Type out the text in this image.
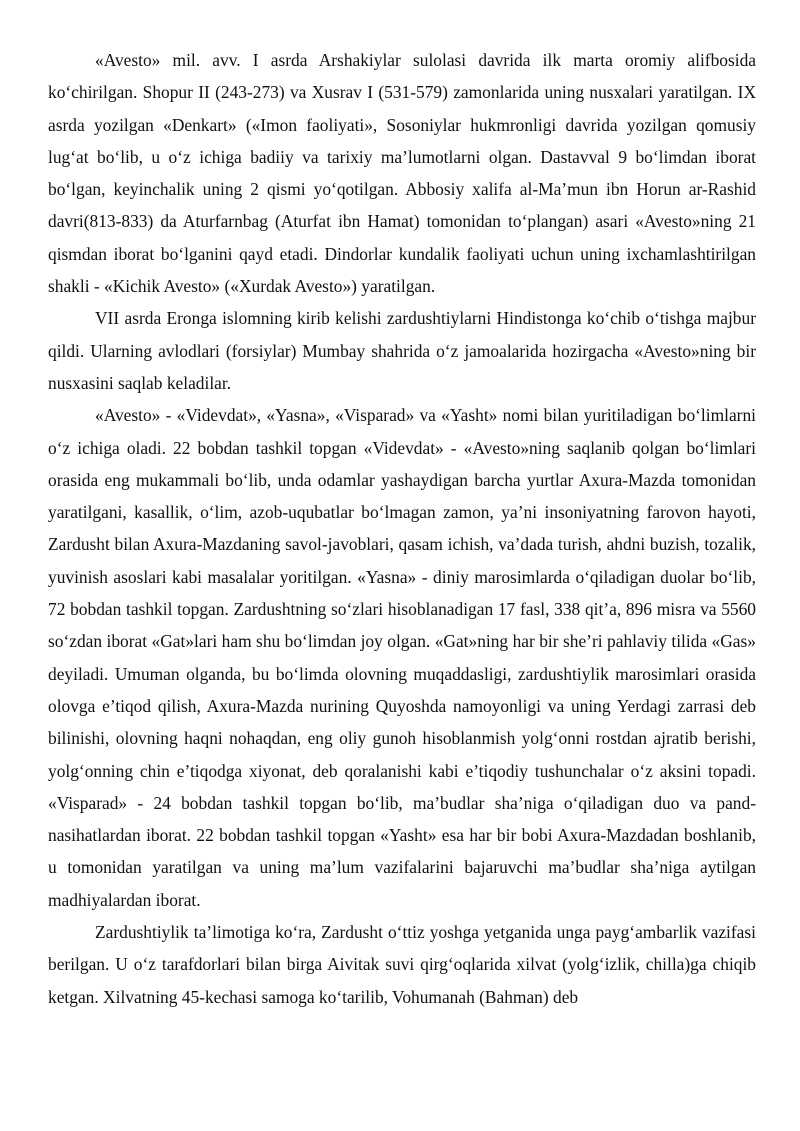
«Avesto» mil. avv. I asrda Arshakiylar sulolasi davrida ilk marta oromiy alifbosida ko‘chirilgan. Shopur II (243-273) va Xusrav I (531-579) zamonlarida uning nusxalari yaratilgan. IX asrda yozilgan «Denkart» («Imon faoliyati», Sosoniylar hukmronligi davrida yozilgan qomusiy lug‘at bo‘lib, u o‘z ichiga badiiy va tarixiy ma’lumotlarni olgan. Dastavval 9 bo‘limdan iborat bo‘lgan, keyinchalik uning 2 qismi yo‘qotilgan. Abbosiy xalifa al-Ma’mun ibn Horun ar-Rashid davri(813-833) da Aturfarnbag (Aturfat ibn Hamat) tomonidan to‘plangan) asari «Avesto»ning 21 qismdan iborat bo‘lganini qayd etadi. Dindorlar kundalik faoliyati uchun uning ixchamlashtirilgan shakli - «Kichik Avesto» («Xurdak Avesto») yaratilgan.

VII asrda Eronga islomning kirib kelishi zardushtiylarni Hindistonga ko‘chib o‘tishga majbur qildi. Ularning avlodlari (forsiylar) Mumbay shahrida o‘z jamoalarida hozirgacha «Avesto»ning bir nusxasini saqlab keladilar.

«Avesto» - «Videvdat», «Yasna», «Visparad» va «Yasht» nomi bilan yuritiladigan bo‘limlarni o‘z ichiga oladi. 22 bobdan tashkil topgan «Videvdat» - «Avesto»ning saqlanib qolgan bo‘limlari orasida eng mukammali bo‘lib, unda odamlar yashaydigan barcha yurtlar Axura-Mazda tomonidan yaratilgani, kasallik, o‘lim, azob-uqubatlar bo‘lmagan zamon, ya’ni insoniyatning farovon hayoti, Zardusht bilan Axura-Mazdaning savol-javoblari, qasam ichish, va’dada turish, ahdni buzish, tozalik, yuvinish asoslari kabi masalalar yoritilgan. «Yasna» - diniy marosimlarda o‘qiladigan duolar bo‘lib, 72 bobdan tashkil topgan. Zardushtning so‘zlari hisoblanadigan 17 fasl, 338 qit’a, 896 misra va 5560 so‘zdan iborat «Gat»lari ham shu bo‘limdan joy olgan. «Gat»ning har bir she’ri pahlaviy tilida «Gas» deyiladi. Umuman olganda, bu bo‘limda olovning muqaddasligi, zardushtiylik marosimlari orasida olovga e’tiqod qilish, Axura-Mazda nurining Quyoshda namoyonligi va uning Yerdagi zarrasi deb bilinishi, olovning haqni nohaqdan, eng oliy gunoh hisoblanmish yolg‘onni rostdan ajratib berishi, yolg‘onning chin e’tiqodga xiyonat, deb qoralanishi kabi e’tiqodiy tushunchalar o‘z aksini topadi. «Visparad» - 24 bobdan tashkil topgan bo‘lib, ma’budlar sha’niga o‘qiladigan duo va pand-nasihatlardan iborat. 22 bobdan tashkil topgan «Yasht» esa har bir bobi Axura-Mazdadan boshlanib, u tomonidan yaratilgan va uning ma’lum vazifalarini bajaruvchi ma’budlar sha’niga aytilgan madhiyalardan iborat.

Zardushtiylik ta’limotiga ko‘ra, Zardusht o‘ttiz yoshga yetganida unga payg‘ambarlik vazifasi berilgan. U o‘z tarafdorlari bilan birga Aivitak suvi qirg‘oqlarida xilvat (yolg‘izlik, chilla)ga chiqib ketgan. Xilvatning 45-kechasi samoga ko‘tarilib, Vohumanah (Bahman) deb
